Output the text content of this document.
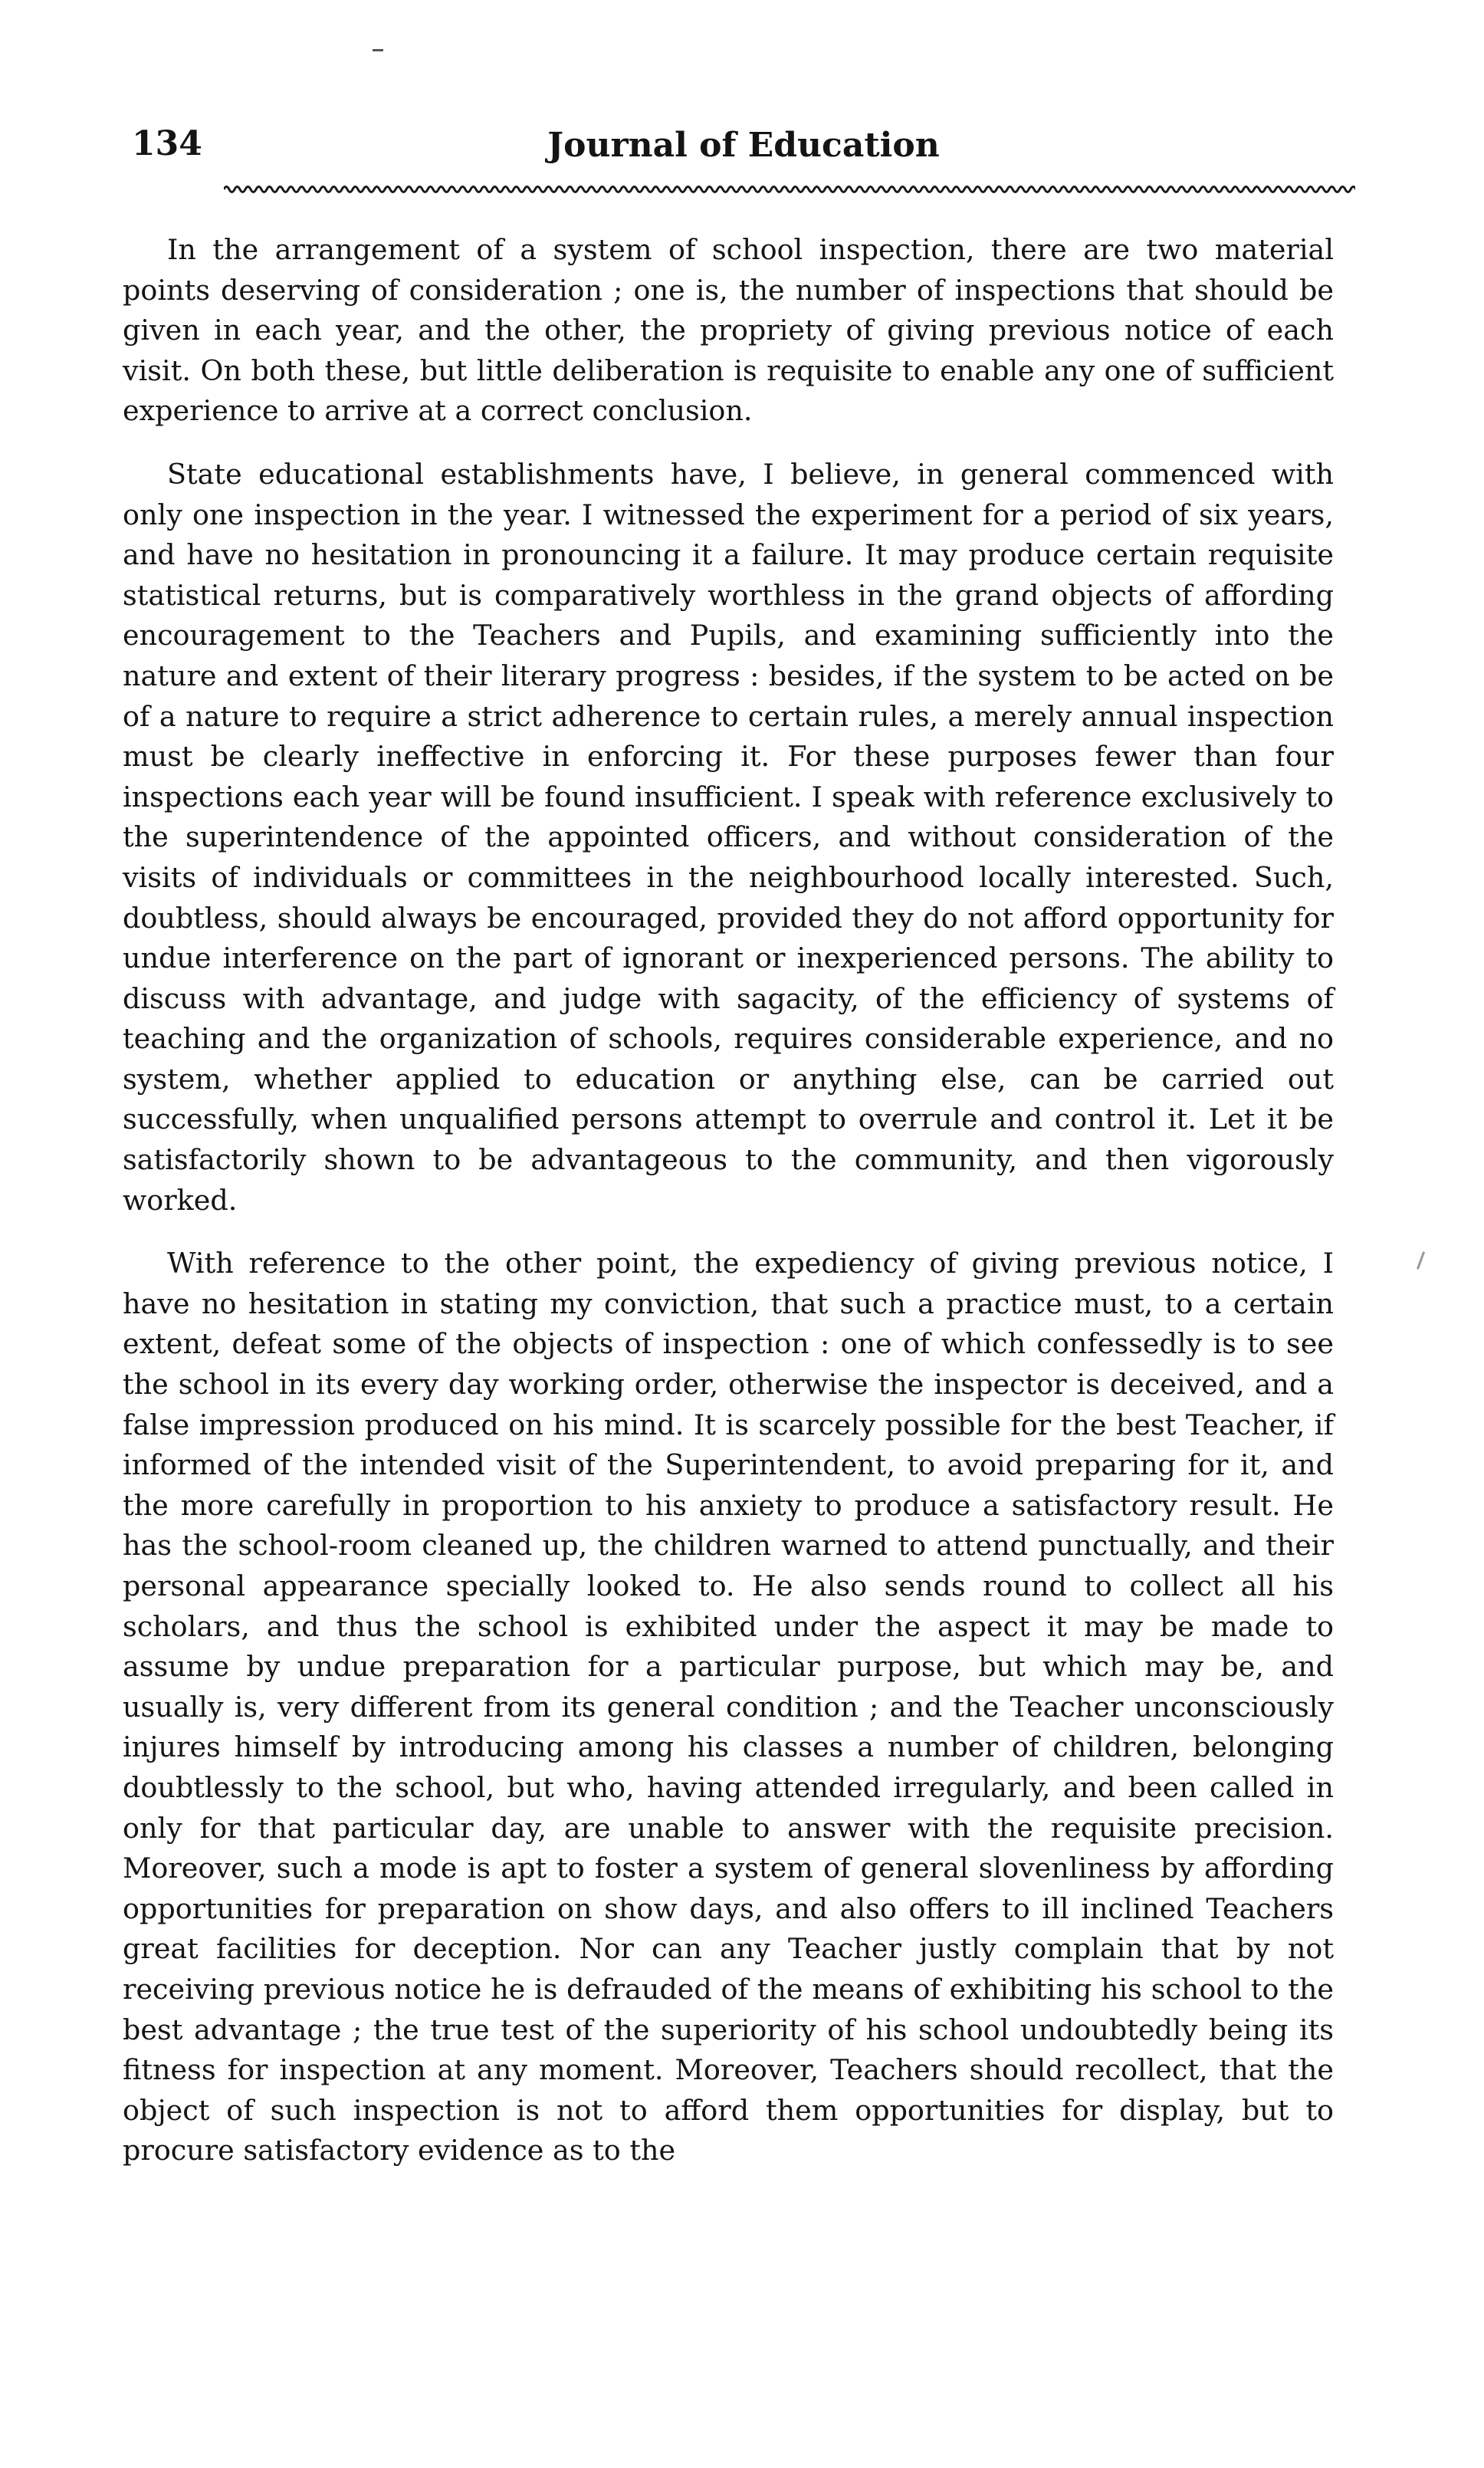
134	Journal of Education

In the arrangement of a system of school inspection, there are two material points deserving of consideration ; one is, the number of inspections that should be given in each year, and the other, the propriety of giving previous notice of each visit. On both these, but little deliberation is requisite to enable any one of sufficient experience to arrive at a correct conclusion.

State educational establishments have, I believe, in general commenced with only one inspection in the year. I witnessed the experiment for a period of six years, and have no hesitation in pronouncing it a failure. It may produce certain requisite statistical returns, but is comparatively worthless in the grand objects of affording encouragement to the Teachers and Pupils, and examining sufficiently into the nature and extent of their literary progress : besides, if the system to be acted on be of a nature to require a strict adherence to certain rules, a merely annual inspection must be clearly ineffective in enforcing it. For these purposes fewer than four inspections each year will be found insufficient. I speak with reference exclusively to the superintendence of the appointed officers, and without consideration of the visits of individuals or committees in the neighbourhood locally interested. Such, doubtless, should always be encouraged, provided they do not afford opportunity for undue interference on the part of ignorant or inexperienced persons. The ability to discuss with advantage, and judge with sagacity, of the efficiency of systems of teaching and the organization of schools, requires considerable experience, and no system, whether applied to education or anything else, can be carried out successfully, when unqualified persons attempt to overrule and control it. Let it be satisfactorily shown to be advantageous to the community, and then vigorously worked.

With reference to the other point, the expediency of giving previous notice, I have no hesitation in stating my conviction, that such a practice must, to a certain extent, defeat some of the objects of inspection : one of which confessedly is to see the school in its every day working order, otherwise the inspector is deceived, and a false impression produced on his mind. It is scarcely possible for the best Teacher, if informed of the intended visit of the Superintendent, to avoid preparing for it, and the more carefully in proportion to his anxiety to produce a satisfactory result. He has the school-room cleaned up, the children warned to attend punctually, and their personal appearance specially looked to. He also sends round to collect all his scholars, and thus the school is exhibited under the aspect it may be made to assume by undue preparation for a particular purpose, but which may be, and usually is, very different from its general condition ; and the Teacher unconsciously injures himself by introducing among his classes a number of children, belonging doubtlessly to the school, but who, having attended irregularly, and been called in only for that particular day, are unable to answer with the requisite precision. Moreover, such a mode is apt to foster a system of general slovenliness by affording opportunities for preparation on show days, and also offers to ill inclined Teachers great facilities for deception. Nor can any Teacher justly complain that by not receiving previous notice he is defrauded of the means of exhibiting his school to the best advantage ; the true test of the superiority of his school undoubtedly being its fitness for inspection at any moment. Moreover, Teachers should recollect, that the object of such inspection is not to afford them opportunities for display, but to procure satisfactory evidence as to the
